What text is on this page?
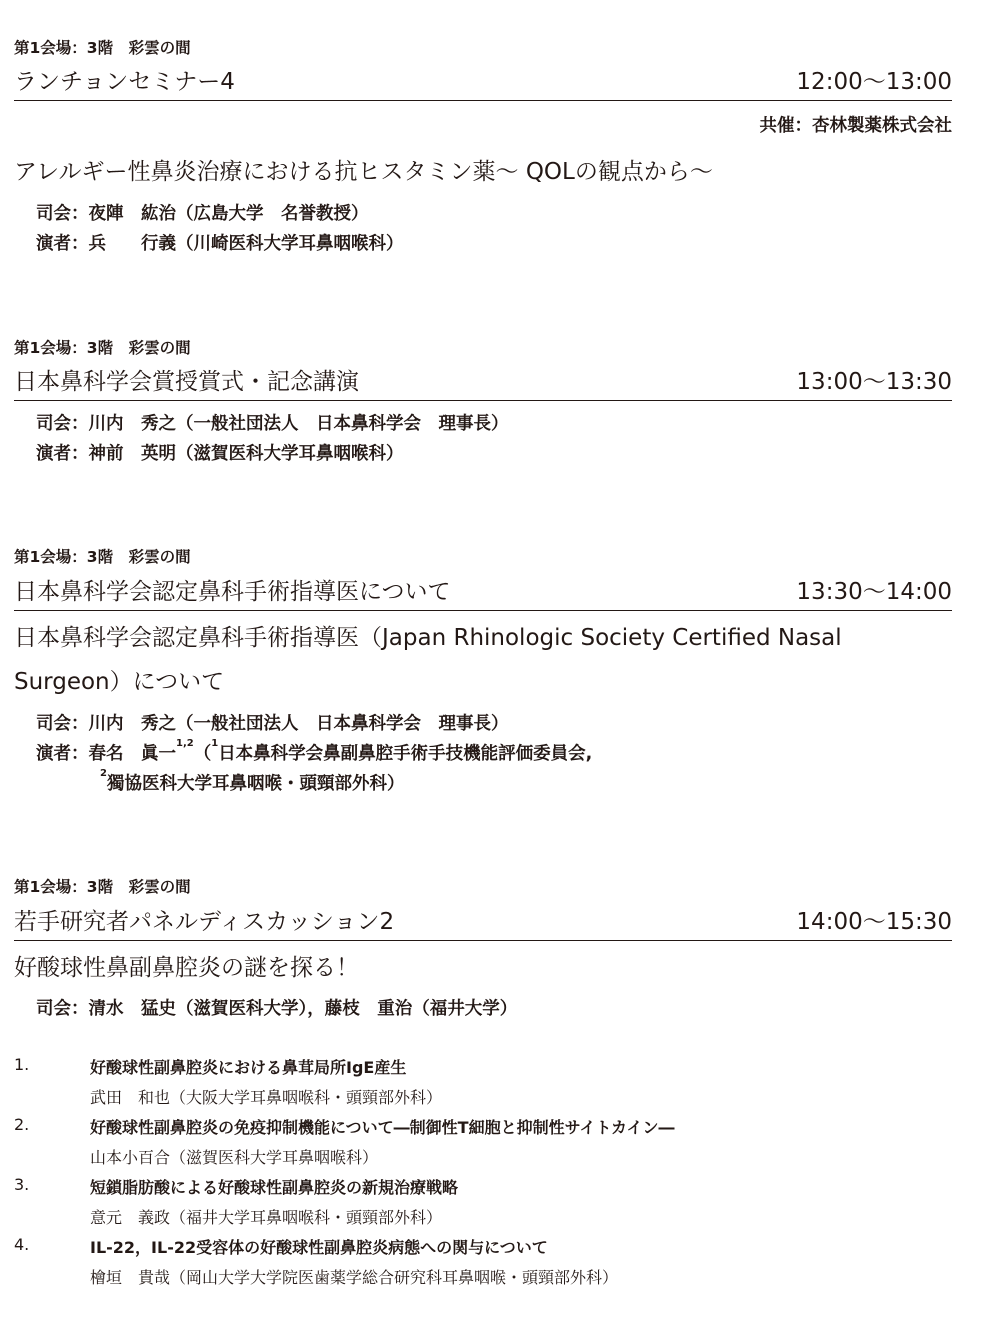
第1会場：3階　彩雲の間
ランチョンセミナー4	12:00〜13:00
共催：杏林製薬株式会社
アレルギー性鼻炎治療における抗ヒスタミン薬〜 QOLの観点から〜
司会：夜陣　紘治（広島大学　名誉教授）
演者：兵　　行義（川崎医科大学耳鼻咽喉科）
第1会場：3階　彩雲の間
日本鼻科学会賞授賞式・記念講演	13:00〜13:30
司会：川内　秀之（一般社団法人　日本鼻科学会　理事長）
演者：神前　英明（滋賀医科大学耳鼻咽喉科）
第1会場：3階　彩雲の間
日本鼻科学会認定鼻科手術指導医について	13:30〜14:00
日本鼻科学会認定鼻科手術指導医（Japan Rhinologic Society Certified Nasal
Surgeon）について
司会：川内　秀之（一般社団法人　日本鼻科学会　理事長）
演者：春名　眞一$^{1,2}$（$^1$日本鼻科学会鼻副鼻腔手術手技機能評価委員会,
$^2$獨協医科大学耳鼻咽喉・頭頸部外科）
第1会場：3階　彩雲の間
若手研究者パネルディスカッション2	14:00〜15:30
好酸球性鼻副鼻腔炎の謎を探る！
司会：清水　猛史（滋賀医科大学），藤枝　重治（福井大学）
1.	好酸球性副鼻腔炎における鼻茸局所IgE産生
武田　和也（大阪大学耳鼻咽喉科・頭頸部外科）
2.	好酸球性副鼻腔炎の免疫抑制機能について―制御性T細胞と抑制性サイトカイン―
山本小百合（滋賀医科大学耳鼻咽喉科）
3.	短鎖脂肪酸による好酸球性副鼻腔炎の新規治療戦略
意元　義政（福井大学耳鼻咽喉科・頭頸部外科）
4.	IL-22，IL-22受容体の好酸球性副鼻腔炎病態への関与について
檜垣　貴哉（岡山大学大学院医歯薬学総合研究科耳鼻咽喉・頭頸部外科）
